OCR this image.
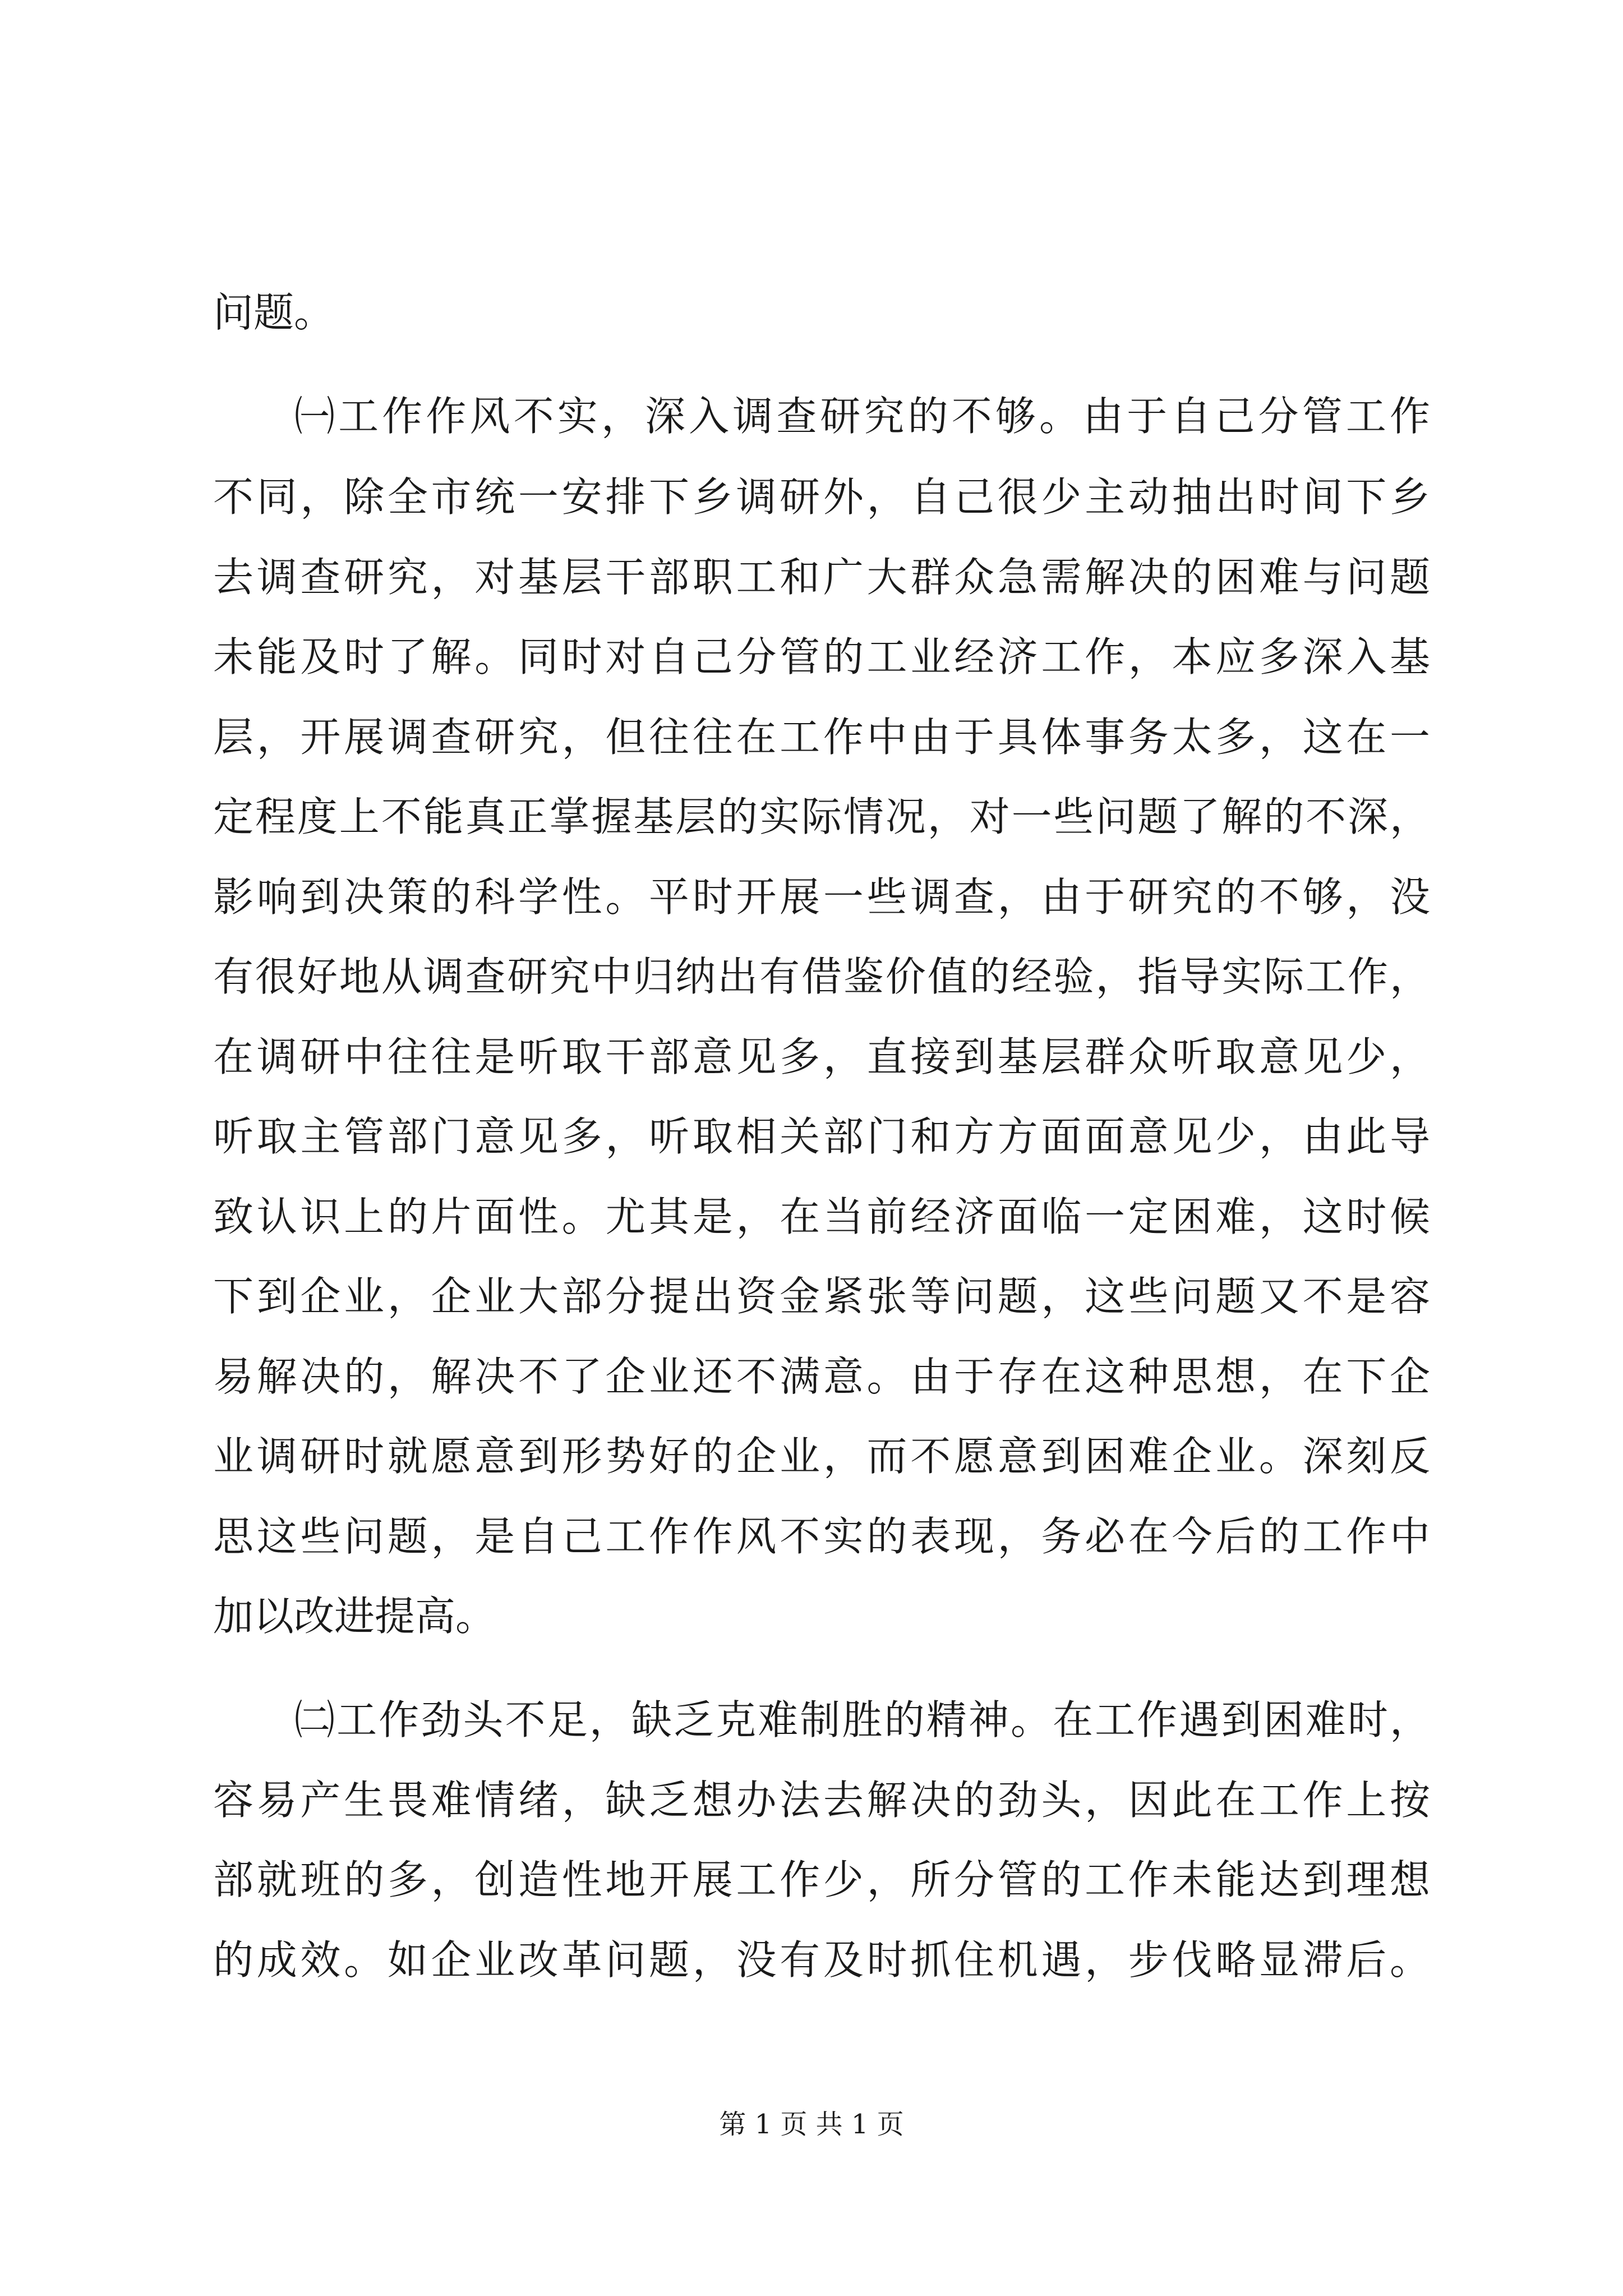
问题。
㈠工作作风不实，深入调查研究的不够。由于自己分管工作
不同，除全市统一安排下乡调研外，自己很少主动抽出时间下乡
去调查研究，对基层干部职工和广大群众急需解决的困难与问题
未能及时了解。同时对自己分管的工业经济工作，本应多深入基
层，开展调查研究，但往往在工作中由于具体事务太多，这在一
定程度上不能真正掌握基层的实际情况，对一些问题了解的不深，
影响到决策的科学性。平时开展一些调查，由于研究的不够，没
有很好地从调查研究中归纳出有借鉴价值的经验，指导实际工作，
在调研中往往是听取干部意见多，直接到基层群众听取意见少，
听取主管部门意见多，听取相关部门和方方面面意见少，由此导
致认识上的片面性。尤其是，在当前经济面临一定困难，这时候
下到企业，企业大部分提出资金紧张等问题，这些问题又不是容
易解决的，解决不了企业还不满意。由于存在这种思想，在下企
业调研时就愿意到形势好的企业，而不愿意到困难企业。深刻反
思这些问题，是自己工作作风不实的表现，务必在今后的工作中
加以改进提高。
㈡工作劲头不足，缺乏克难制胜的精神。在工作遇到困难时，
容易产生畏难情绪，缺乏想办法去解决的劲头，因此在工作上按
部就班的多，创造性地开展工作少，所分管的工作未能达到理想
的成效。如企业改革问题，没有及时抓住机遇，步伐略显滞后。
第 1 页 共 1 页
